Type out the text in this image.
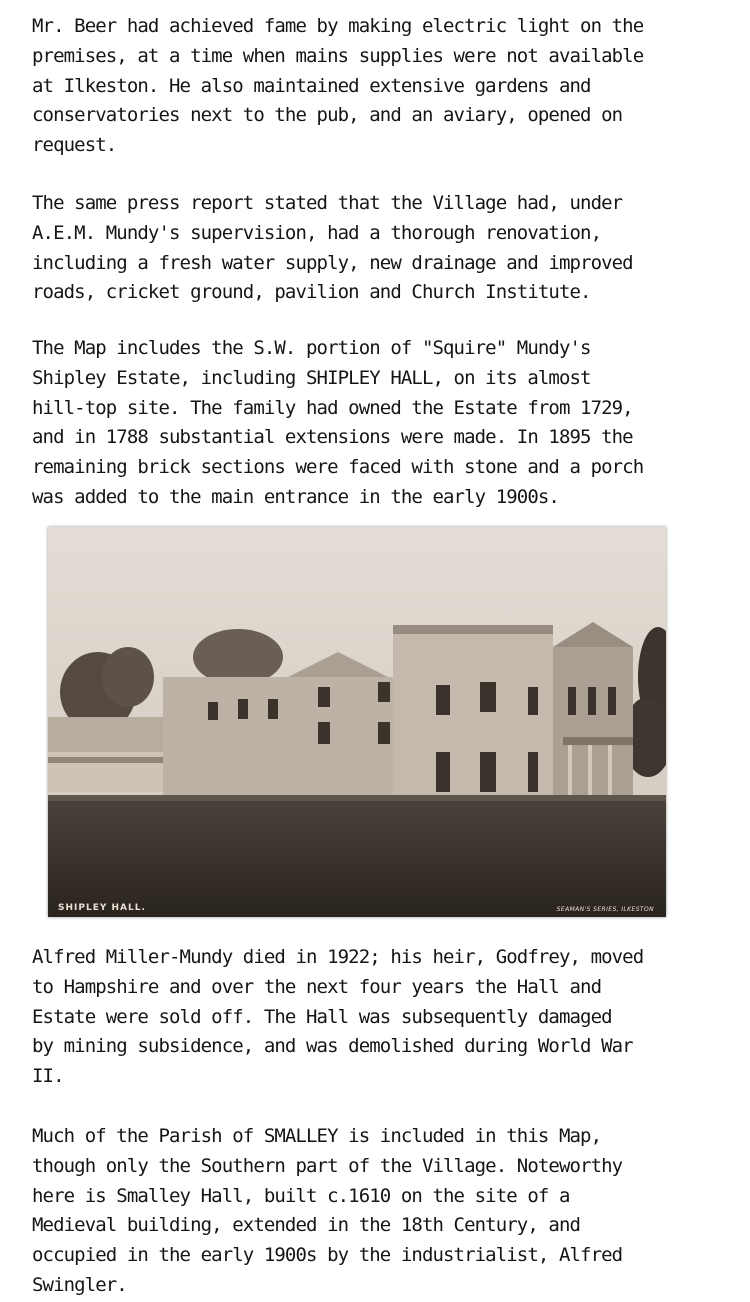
Mr. Beer had achieved fame by making electric light on the
premises, at a time when mains supplies were not available
at Ilkeston. He also maintained extensive gardens and
conservatories next to the pub, and an aviary, opened on
request.
The same press report stated that the Village had, under
A.E.M. Mundy's supervision, had a thorough renovation,
including a fresh water supply, new drainage and improved
roads, cricket ground, pavilion and Church Institute.
The Map includes the S.W. portion of "Squire" Mundy's
Shipley Estate, including SHIPLEY HALL, on its almost
hill-top site. The family had owned the Estate from 1729,
and in 1788 substantial extensions were made. In 1895 the
remaining brick sections were faced with stone and a porch
was added to the main entrance in the early 1900s.
SHIPLEY HALL.	SEAMAN'S SERIES, ILKESTON
Alfred Miller-Mundy died in 1922; his heir, Godfrey, moved
to Hampshire and over the next four years the Hall and
Estate were sold off. The Hall was subsequently damaged
by mining subsidence, and was demolished during World War
II.
Much of the Parish of SMALLEY is included in this Map,
though only the Southern part of the Village. Noteworthy
here is Smalley Hall, built c.1610 on the site of a
Medieval building, extended in the 18th Century, and
occupied in the early 1900s by the industrialist, Alfred
Swingler.
